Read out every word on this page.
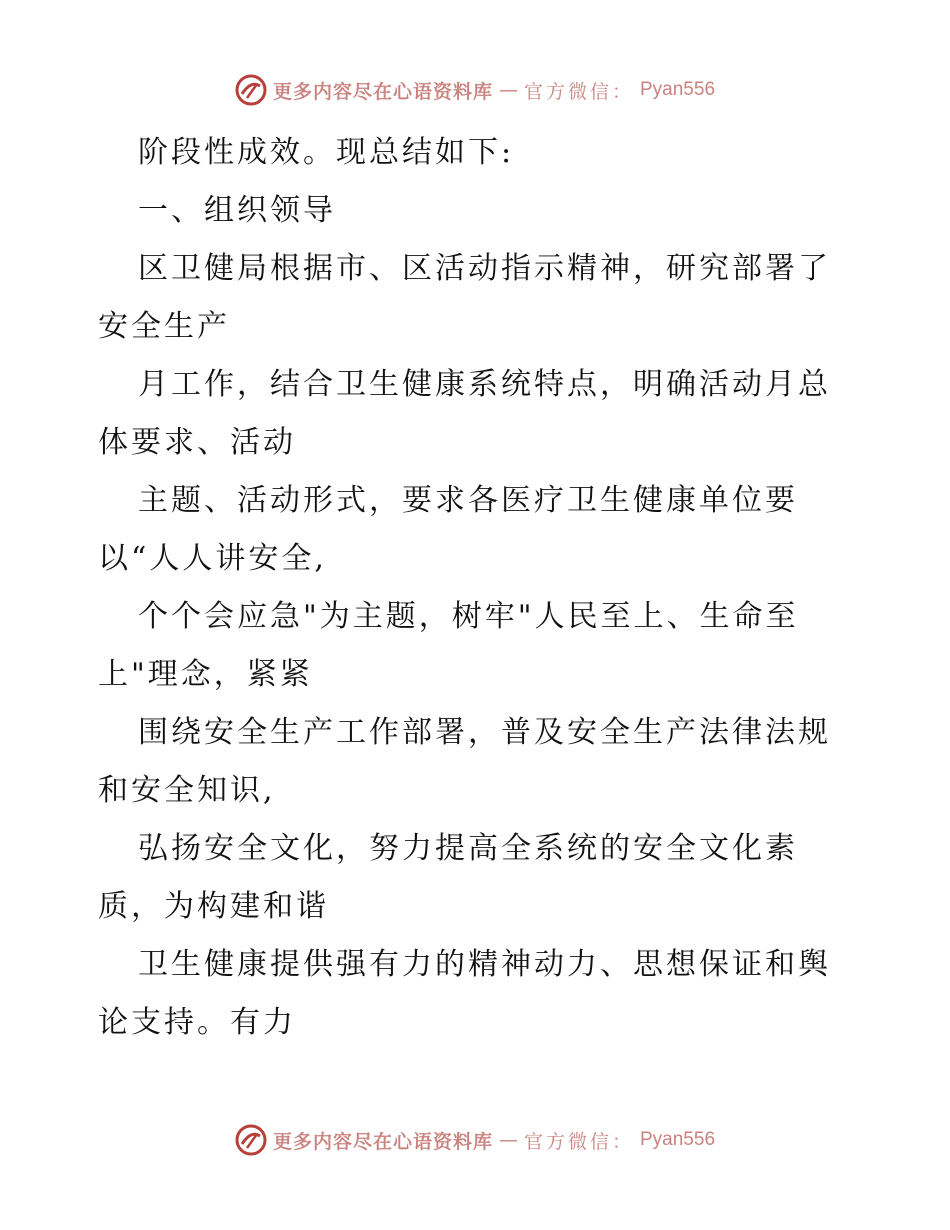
更多内容尽在心语资料库 — 官方微信： Pyan556

阶段性成效。现总结如下:

一、组织领导

区卫健局根据市、区活动指示精神，研究部署了

安全生产

月工作，结合卫生健康系统特点，明确活动月总

体要求、活动

主题、活动形式，要求各医疗卫生健康单位要

以“人人讲安全,

个个会应急"为主题，树牢"人民至上、生命至

上"理念，紧紧

围绕安全生产工作部署，普及安全生产法律法规

和安全知识,

弘扬安全文化，努力提高全系统的安全文化素

质，为构建和谐

卫生健康提供强有力的精神动力、思想保证和舆

论支持。有力

更多内容尽在心语资料库 — 官方微信： Pyan556
